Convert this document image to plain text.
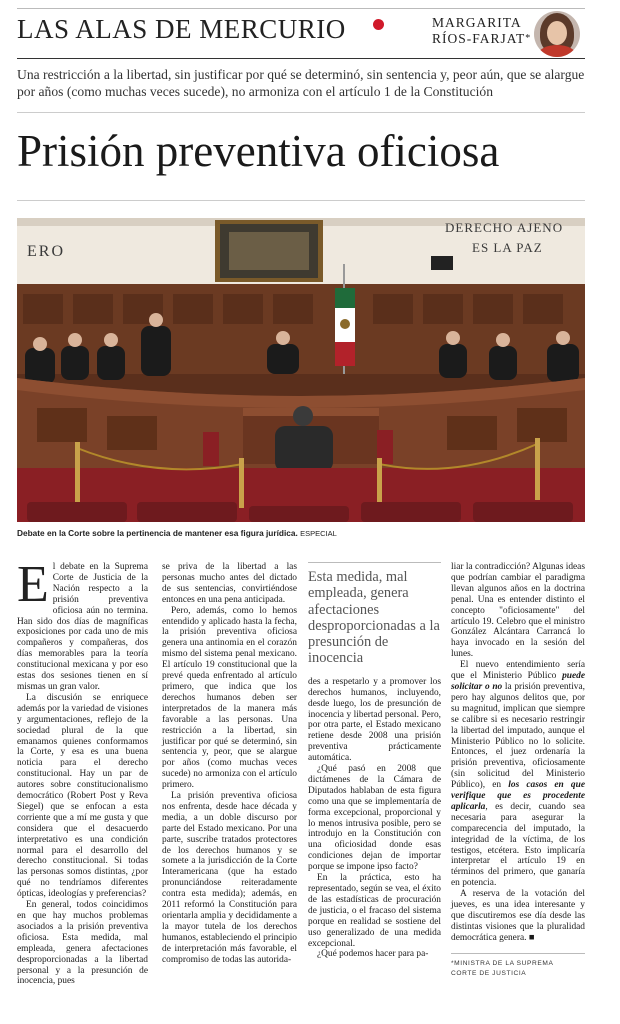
LAS ALAS DE MERCURIO	MARGARITA
RÍOS-FARJAT*
Una restricción a la libertad, sin justificar por qué se determinó, sin sentencia y, peor aún, que se alargue por años (como muchas veces sucede), no armoniza con el artículo 1 de la Constitución
Prisión preventiva oficiosa
ERO
DERECHO AJENO
ES LA PAZ
Debate en la Corte sobre la pertinencia de mantener esa figura jurídica. ESPECIAL

El debate en la Suprema Corte de Justicia de la Nación respecto a la prisión preventiva oficiosa aún no termina. Han sido dos días de magníficas exposiciones por cada uno de mis compañeros y compañeras, dos días memorables para la teoría constitucional mexicana y por eso estas dos sesiones tienen en sí mismas un gran valor.

La discusión se enriquece además por la variedad de visiones y argumentaciones, reflejo de la sociedad plural de la que emanamos quienes conformamos la Corte, y esa es una buena noticia para el derecho constitucional. Hay un par de autores sobre constitucionalismo democrático (Robert Post y Reva Siegel) que se enfocan a esta corriente que a mí me gusta y que considera que el desacuerdo interpretativo es una condición normal para el desarrollo del derecho constitucional. Si todas las personas somos distintas, ¿por qué no tendríamos diferentes ópticas, ideologías y preferencias?

En general, todos coincidimos en que hay muchos problemas asociados a la prisión preventiva oficiosa. Esta medida, mal empleada, genera afectaciones desproporcionadas a la libertad personal y a la presunción de inocencia, pues

se priva de la libertad a las personas mucho antes del dictado de sus sentencias, convirtiéndose entonces en una pena anticipada.

Pero, además, como lo hemos entendido y aplicado hasta la fecha, la prisión preventiva oficiosa genera una antinomia en el corazón mismo del sistema penal mexicano. El artículo 19 constitucional que la prevé queda enfrentado al artículo primero, que indica que los derechos humanos deben ser interpretados de la manera más favorable a las personas. Una restricción a la libertad, sin justificar por qué se determinó, sin sentencia y, peor, que se alargue por años (como muchas veces sucede) no armoniza con el artículo primero.

La prisión preventiva oficiosa nos enfrenta, desde hace década y media, a un doble discurso por parte del Estado mexicano. Por una parte, suscribe tratados protectores de los derechos humanos y se somete a la jurisdicción de la Corte Interamericana (que ha estado pronunciándose reiteradamente contra esta medida); además, en 2011 reformó la Constitución para orientarla amplia y decididamente a la mayor tutela de los derechos humanos, estableciendo el principio de interpretación más favorable, el compromiso de todas las autorida-

Esta medida, mal empleada, genera afectaciones desproporcionadas a la presunción de inocencia

des a respetarlo y a promover los derechos humanos, incluyendo, desde luego, los de presunción de inocencia y libertad personal. Pero, por otra parte, el Estado mexicano retiene desde 2008 una prisión preventiva prácticamente automática.

¿Qué pasó en 2008 que dictámenes de la Cámara de Diputados hablaban de esta figura como una que se implementaría de forma excepcional, proporcional y lo menos intrusiva posible, pero se introdujo en la Constitución con una oficiosidad donde esas condiciones dejan de importar porque se impone ipso facto?

En la práctica, esto ha representado, según se vea, el éxito de las estadísticas de procuración de justicia, o el fracaso del sistema porque en realidad se sostiene del uso generalizado de una medida excepcional.

¿Qué podemos hacer para pa-

liar la contradicción? Algunas ideas que podrían cambiar el paradigma llevan algunos años en la doctrina penal. Una es entender distinto el concepto "oficiosamente" del artículo 19. Celebro que el ministro González Alcántara Carrancá lo haya invocado en la sesión del lunes.

El nuevo entendimiento sería que el Ministerio Público puede solicitar o no la prisión preventiva, pero hay algunos delitos que, por su magnitud, implican que siempre se calibre si es necesario restringir la libertad del imputado, aunque el Ministerio Público no lo solicite. Entonces, el juez ordenaría la prisión preventiva, oficiosamente (sin solicitud del Ministerio Público), en los casos en que verifique que es procedente aplicarla, es decir, cuando sea necesaria para asegurar la comparecencia del imputado, la integridad de la víctima, de los testigos, etcétera. Esto implicaría interpretar el artículo 19 en términos del primero, que ganaría en potencia.

A reserva de la votación del jueves, es una idea interesante y que discutiremos ese día desde las distintas visiones que la pluralidad democrática genera. ■

*MINISTRA DE LA SUPREMA
CORTE DE JUSTICIA
